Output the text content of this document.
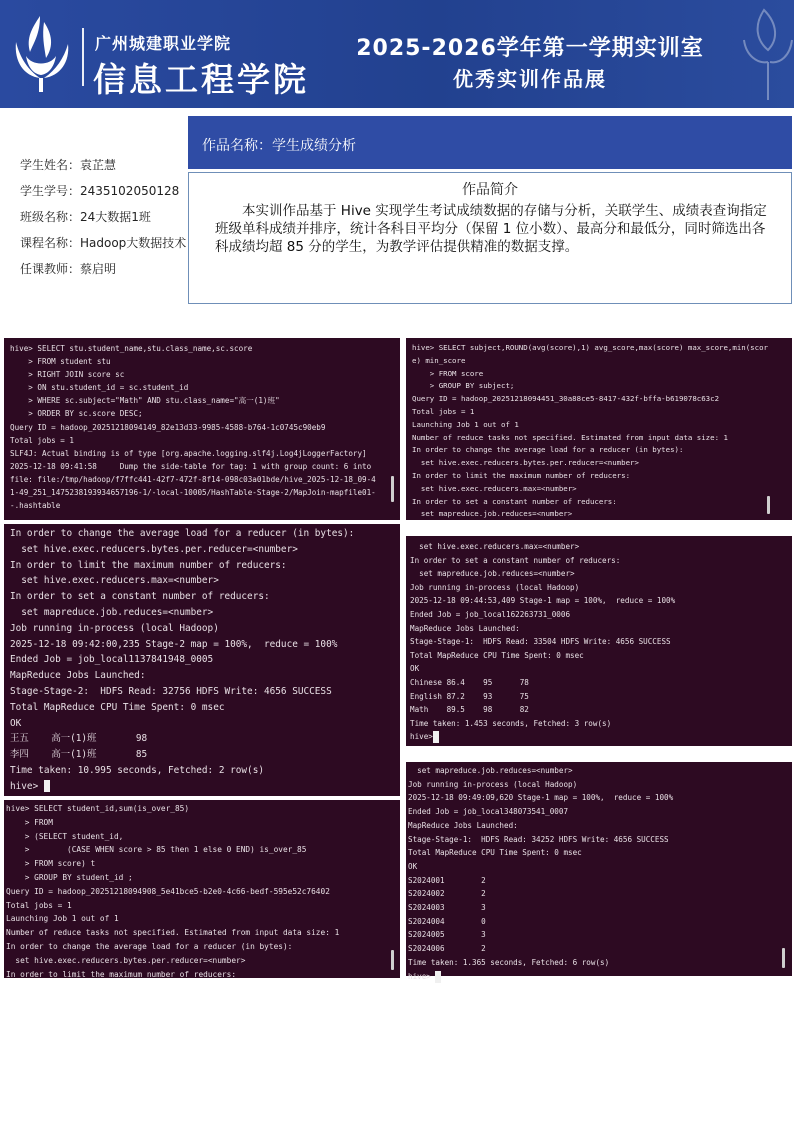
广州城建职业学院
信息工程学院
2025-2026学年第一学期实训室
优秀实训作品展
学生姓名：袁芷慧
学生学号：2435102050128
班级名称：24大数据1班
课程名称：Hadoop大数据技术
任课教师：蔡启明
作品名称：学生成绩分析
作品简介
本实训作品基于 Hive 实现学生考试成绩数据的存储与分析，关联学生、成绩表查询指定班级单科成绩并排序，统计各科目平均分（保留 1 位小数）、最高分和最低分，同时筛选出各科成绩均超 85 分的学生，为教学评估提供精准的数据支撑。
hive> SELECT stu.student_name,stu.class_name,sc.score
> FROM student stu
> RIGHT JOIN score sc
> ON stu.student_id = sc.student_id
> WHERE sc.subject="Math" AND stu.class_name="高一(1)班"
> ORDER BY sc.score DESC;
Query ID = hadoop_20251218094149_82e13d33-9985-4588-b764-1c0745c90eb9
Total jobs = 1
SLF4J: Actual binding is of type [org.apache.logging.slf4j.Log4jLoggerFactory]
2025-12-18 09:41:58     Dump the side-table for tag: 1 with group count: 6 into
file: file:/tmp/hadoop/f7ffc441-42f7-472f-8f14-098c03a01bde/hive_2025-12-18_09-4
1-49_251_1475238193934657196-1/-local-10005/HashTable-Stage-2/MapJoin-mapfile01-
-.hashtable
hive> SELECT subject,ROUND(avg(score),1) avg_score,max(score) max_score,min(scor
e) min_score
> FROM score
> GROUP BY subject;
Query ID = hadoop_20251218094451_30a88ce5-8417-432f-bffa-b619078c63c2
Total jobs = 1
Launching Job 1 out of 1
Number of reduce tasks not specified. Estimated from input data size: 1
In order to change the average load for a reducer (in bytes):
set hive.exec.reducers.bytes.per.reducer=<number>
In order to limit the maximum number of reducers:
set hive.exec.reducers.max=<number>
In order to set a constant number of reducers:
set mapreduce.job.reduces=<number>
In order to change the average load for a reducer (in bytes):
set hive.exec.reducers.bytes.per.reducer=<number>
In order to limit the maximum number of reducers:
set hive.exec.reducers.max=<number>
In order to set a constant number of reducers:
set mapreduce.job.reduces=<number>
Job running in-process (local Hadoop)
2025-12-18 09:42:00,235 Stage-2 map = 100%,  reduce = 100%
Ended Job = job_local1137841948_0005
MapReduce Jobs Launched:
Stage-Stage-2:  HDFS Read: 32756 HDFS Write: 4656 SUCCESS
Total MapReduce CPU Time Spent: 0 msec
OK
王五    高一(1)班       98
李四    高一(1)班       85
Time taken: 10.995 seconds, Fetched: 2 row(s)
hive>
set hive.exec.reducers.max=<number>
In order to set a constant number of reducers:
set mapreduce.job.reduces=<number>
Job running in-process (local Hadoop)
2025-12-18 09:44:53,409 Stage-1 map = 100%,  reduce = 100%
Ended Job = job_local162263731_0006
MapReduce Jobs Launched:
Stage-Stage-1:  HDFS Read: 33504 HDFS Write: 4656 SUCCESS
Total MapReduce CPU Time Spent: 0 msec
OK
Chinese 86.4    95      78
English 87.2    93      75
Math    89.5    98      82
Time taken: 1.453 seconds, Fetched: 3 row(s)
hive>
hive> SELECT student_id,sum(is_over_85)
> FROM
> (SELECT student_id,
>        (CASE WHEN score > 85 then 1 else 0 END) is_over_85
> FROM score) t
> GROUP BY student_id ;
Query ID = hadoop_20251218094908_5e41bce5-b2e0-4c66-bedf-595e52c76402
Total jobs = 1
Launching Job 1 out of 1
Number of reduce tasks not specified. Estimated from input data size: 1
In order to change the average load for a reducer (in bytes):
set hive.exec.reducers.bytes.per.reducer=<number>
In order to limit the maximum number of reducers:
set mapreduce.job.reduces=<number>
Job running in-process (local Hadoop)
2025-12-18 09:49:09,620 Stage-1 map = 100%,  reduce = 100%
Ended Job = job_local348073541_0007
MapReduce Jobs Launched:
Stage-Stage-1:  HDFS Read: 34252 HDFS Write: 4656 SUCCESS
Total MapReduce CPU Time Spent: 0 msec
OK
S2024001        2
S2024002        2
S2024003        3
S2024004        0
S2024005        3
S2024006        2
Time taken: 1.365 seconds, Fetched: 6 row(s)
hive>
